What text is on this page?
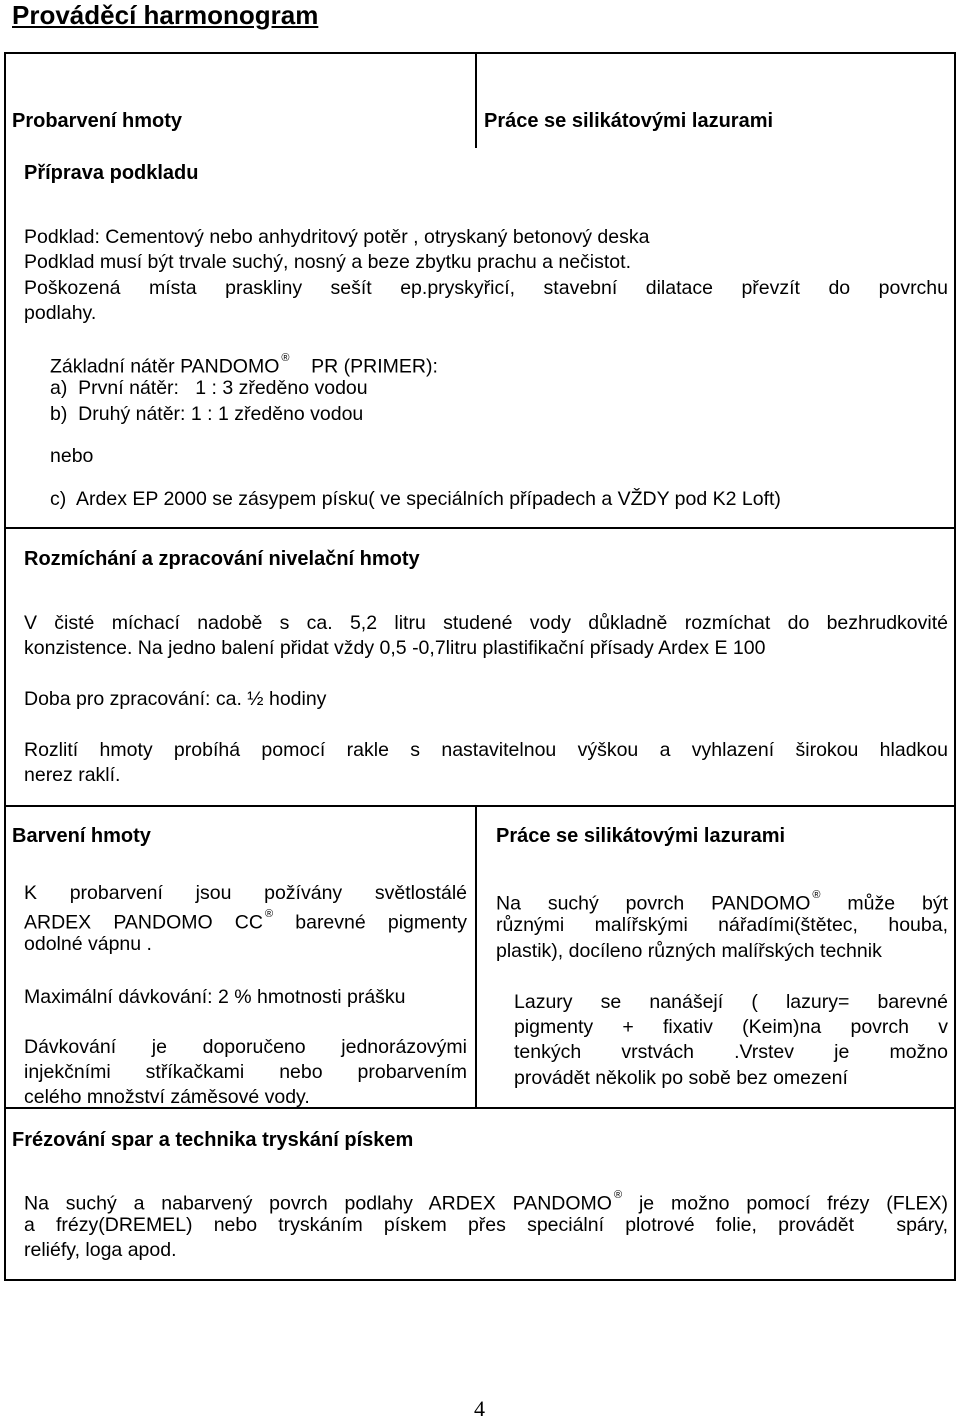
Prováděcí harmonogram
Probarvení hmoty	Práce se silikátovými lazurami
Příprava podkladu
Podklad: Cementový nebo anhydritový potěr , otryskaný betonový deska
Podklad musí být trvale suchý, nosný a beze zbytku prachu a nečistot.
Poškozená místa praskliny sešít ep.pryskyřicí, stavební dilatace převzít do povrchu
podlahy.
Základní nátěr PANDOMO ® PR (PRIMER):
a)  První nátěr:   1 : 3 zředěno vodou
b)  Druhý nátěr: 1 : 1 zředěno vodou
nebo
c)  Ardex EP 2000 se zásypem písku( ve speciálních případech a VŽDY pod K2 Loft)
Rozmíchání a zpracování nivelační hmoty
V čisté míchací nadobě s ca. 5,2 litru studené vody důkladně rozmíchat do bezhrudkovité
konzistence. Na jedno balení přidat vždy 0,5 -0,7litru plastifikační přísady Ardex E 100
Doba pro zpracování: ca. ½ hodiny
Rozlití hmoty probíhá pomocí rakle s nastavitelnou výškou a vyhlazení širokou hladkou
nerez raklí.
Barvení hmoty
K probarvení jsou požívány světlostálé
ARDEX PANDOMO CC ® barevné pigmenty
odolné vápnu .
Maximální dávkování: 2 % hmotnosti prášku
Dávkování je doporučeno jednorázovými
injekčními stříkačkami nebo probarvením
celého množství záměsové vody.
Práce se silikátovými lazurami
Na suchý povrch PANDOMO ® může být
různými malířskými nářadími(štětec, houba,
plastik), docíleno různých malířských technik
Lazury se nanášejí ( lazury= barevné
pigmenty + fixativ (Keim)na povrch v
tenkých vrstvách .Vrstev je možno
provádět několik po sobě bez omezení
Frézování spar a technika tryskání pískem
Na suchý a nabarvený povrch podlahy ARDEX PANDOMO ® je možno pomocí frézy (FLEX)
a frézy(DREMEL) nebo tryskáním pískem přes speciální plotrové folie, provádět  spáry,
reliéfy, loga apod.
4
